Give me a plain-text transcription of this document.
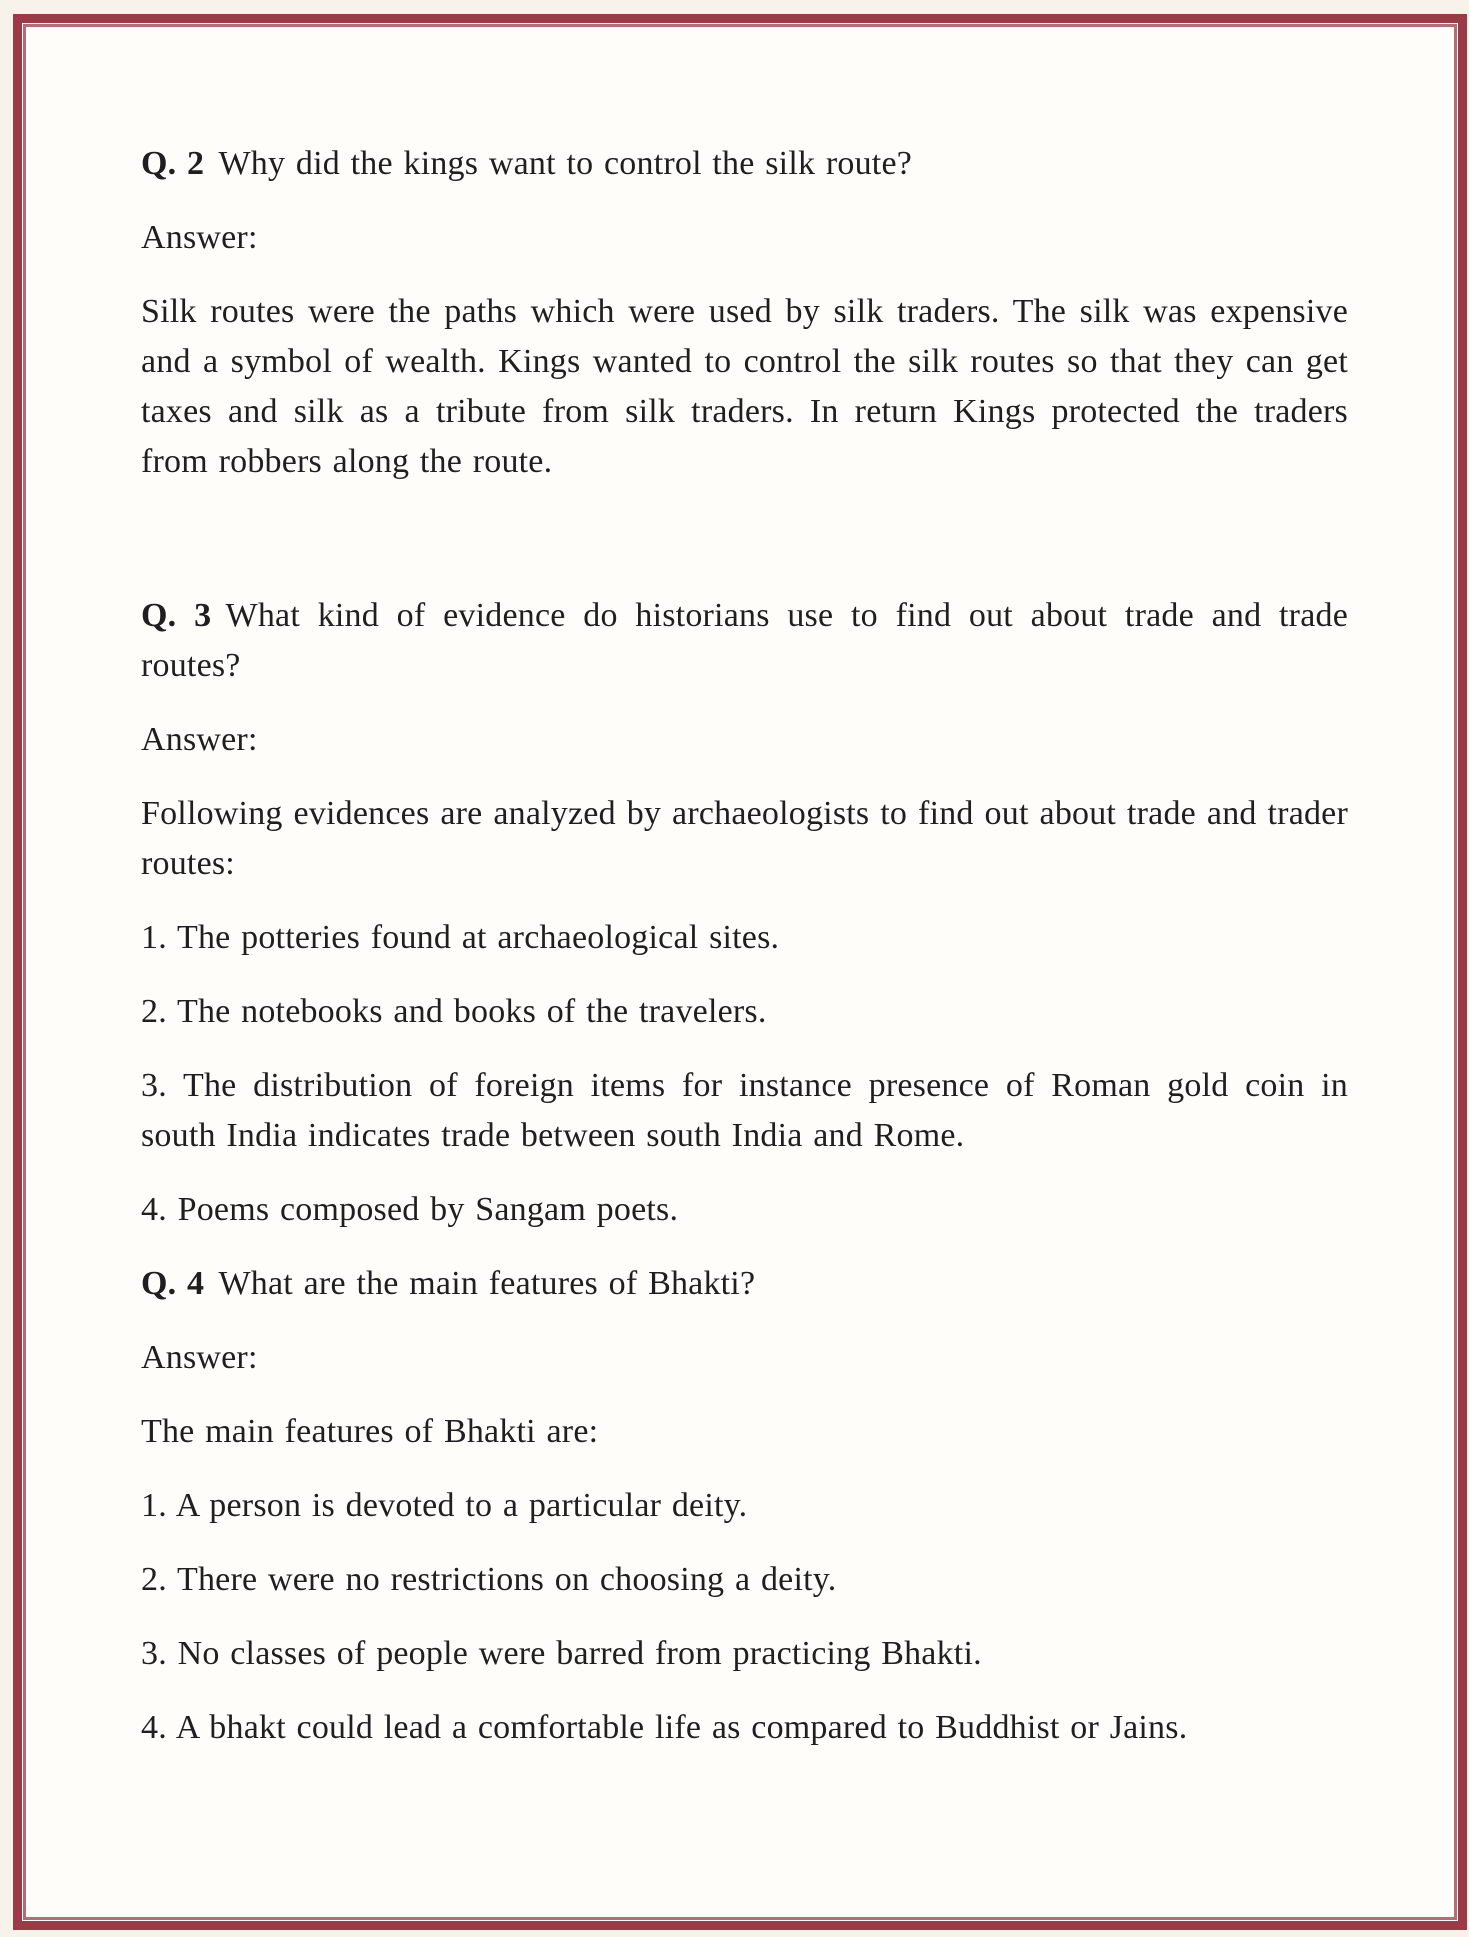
Q. 2 Why did the kings want to control the silk route?

Answer:

Silk routes were the paths which were used by silk traders. The silk was expensive and a symbol of wealth. Kings wanted to control the silk routes so that they can get taxes and silk as a tribute from silk traders. In return Kings protected the traders from robbers along the route.

Q. 3 What kind of evidence do historians use to find out about trade and trade routes?

Answer:

Following evidences are analyzed by archaeologists to find out about trade and trader routes:

1. The potteries found at archaeological sites.

2. The notebooks and books of the travelers.

3. The distribution of foreign items for instance presence of Roman gold coin in south India indicates trade between south India and Rome.

4. Poems composed by Sangam poets.

Q. 4 What are the main features of Bhakti?

Answer:

The main features of Bhakti are:

1. A person is devoted to a particular deity.

2. There were no restrictions on choosing a deity.

3. No classes of people were barred from practicing Bhakti.

4. A bhakt could lead a comfortable life as compared to Buddhist or Jains.
